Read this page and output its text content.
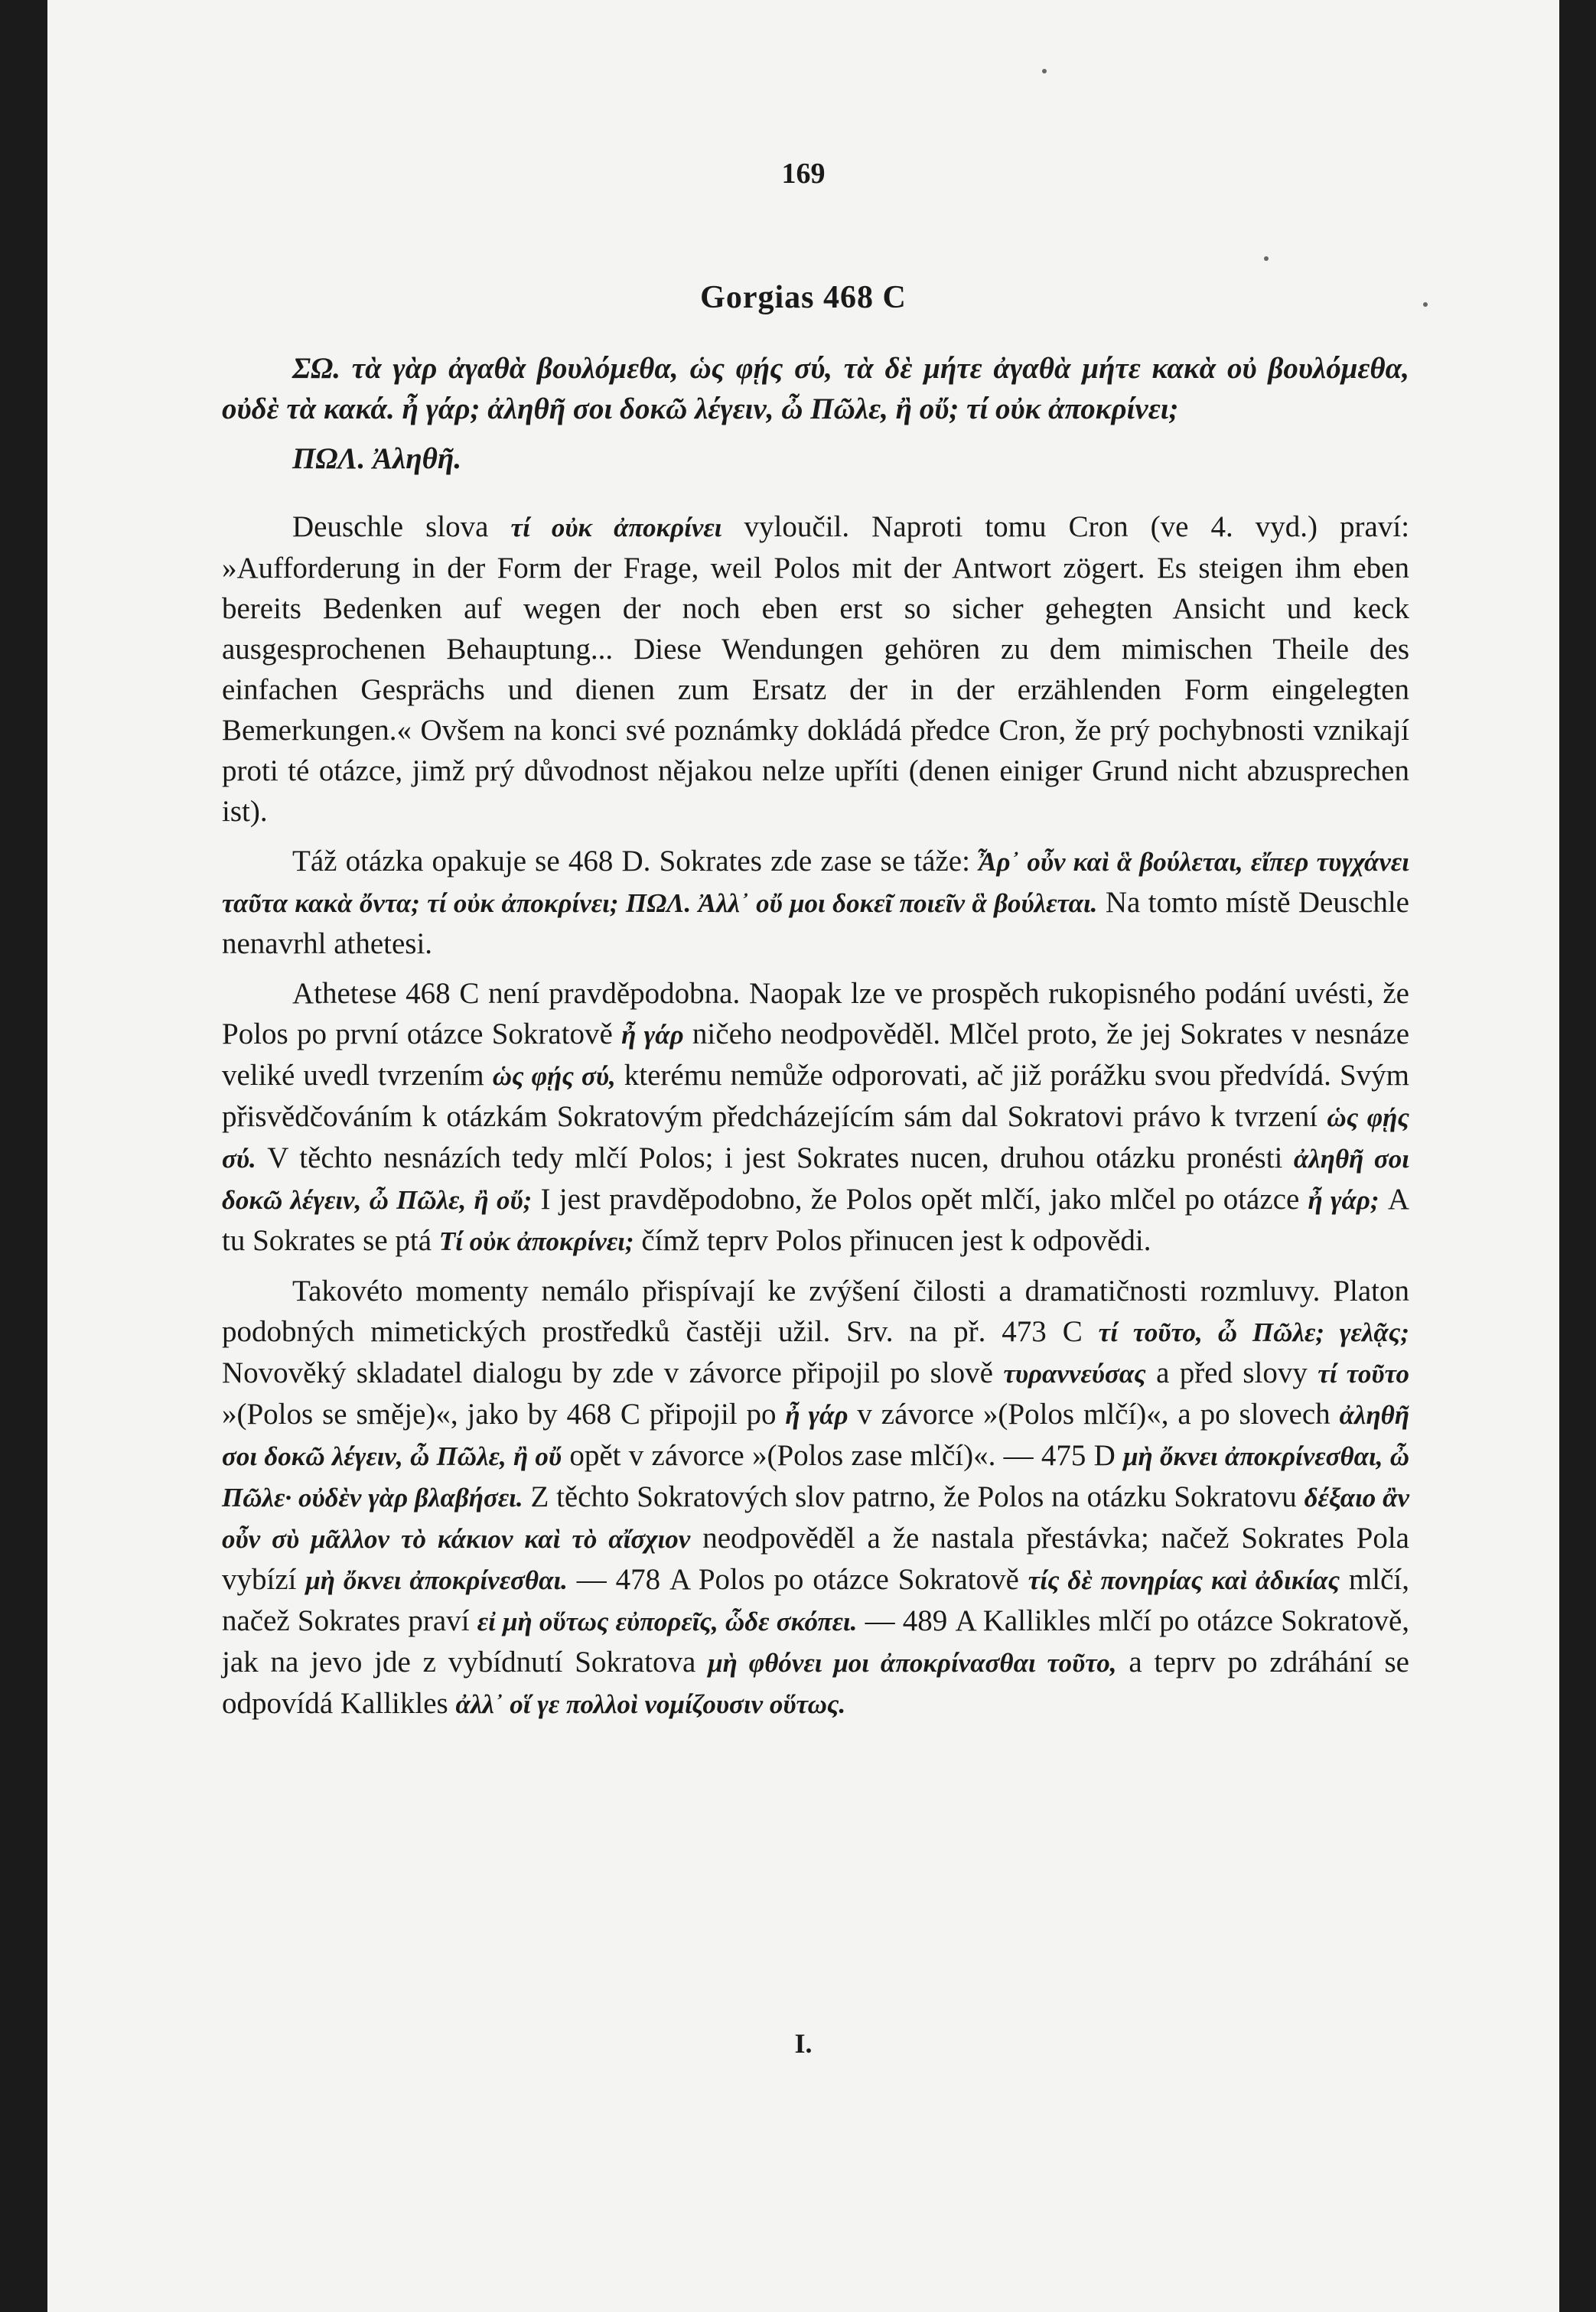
169
Gorgias 468 C

ΣΩ. τὰ γὰρ ἀγαθὰ βουλόμεθα, ὡς φῄς σύ, τὰ δὲ μήτε ἀγαθὰ μήτε κακὰ οὐ βουλόμεθα, οὐδὲ τὰ κακά. ἦ γάρ; ἀληθῆ σοι δοκῶ λέγειν, ὦ Πῶλε, ἢ οὔ; τί οὐκ ἀποκρίνει;

ΠΩΛ. Ἀληθῆ.

Deuschle slova τί οὐκ ἀποκρίνει vyloučil. Naproti tomu Cron (ve 4. vyd.) praví: »Aufforderung in der Form der Frage, weil Polos mit der Antwort zögert. Es steigen ihm eben bereits Bedenken auf wegen der noch eben erst so sicher gehegten Ansicht und keck ausgesprochenen Behauptung... Diese Wendungen gehören zu dem mimischen Theile des einfachen Gesprächs und dienen zum Ersatz der in der erzählenden Form eingelegten Bemerkungen.« Ovšem na konci své poznámky dokládá předce Cron, že prý pochybnosti vznikají proti té otázce, jimž prý důvodnost nějakou nelze upříti (denen einiger Grund nicht abzusprechen ist).

Táž otázka opakuje se 468 D. Sokrates zde zase se táže: Ἆρ᾽ οὖν καὶ ἃ βούλεται, εἴπερ τυγχάνει ταῦτα κακὰ ὄντα; τί οὐκ ἀποκρίνει; ΠΩΛ. Ἀλλ᾽ οὔ μοι δοκεῖ ποιεῖν ἃ βούλεται. Na tomto místě Deuschle nenavrhl athetesi.

Athetese 468 C není pravděpodobna. Naopak lze ve prospěch rukopisného podání uvésti, že Polos po první otázce Sokratově ἦ γάρ ničeho neodpověděl. Mlčel proto, že jej Sokrates v nesnáze veliké uvedl tvrzením ὡς φῄς σύ, kterému nemůže odporovati, ač již porážku svou předvídá. Svým přisvědčováním k otázkám Sokratovým předcházejícím sám dal Sokratovi právo k tvrzení ὡς φῄς σύ. V těchto nesnázích tedy mlčí Polos; i jest Sokrates nucen, druhou otázku pronésti ἀληθῆ σοι δοκῶ λέγειν, ὦ Πῶλε, ἢ οὔ; I jest pravděpodobno, že Polos opět mlčí, jako mlčel po otázce ἦ γάρ; A tu Sokrates se ptá Τί οὐκ ἀποκρίνει; čímž teprv Polos přinucen jest k odpovědi.

Takovéto momenty nemálo přispívají ke zvýšení čilosti a dramatičnosti rozmluvy. Platon podobných mimetických prostředků častěji užil. Srv. na př. 473 C τί τοῦτο, ὦ Πῶλε; γελᾷς; Novověký skladatel dialogu by zde v závorce připojil po slově τυραννεύσας a před slovy τί τοῦτο »(Polos se směje)«, jako by 468 C připojil po ἦ γάρ v závorce »(Polos mlčí)«, a po slovech ἀληθῆ σοι δοκῶ λέγειν, ὦ Πῶλε, ἢ οὔ opět v závorce »(Polos zase mlčí)«. — 475 D μὴ ὄκνει ἀποκρίνεσθαι, ὦ Πῶλε· οὐδὲν γὰρ βλαβήσει. Z těchto Sokratových slov patrno, že Polos na otázku Sokratovu δέξαιο ἂν οὖν σὺ μᾶλλον τὸ κάκιον καὶ τὸ αἴσχιον neodpověděl a že nastala přestávka; načež Sokrates Pola vybízí μὴ ὄκνει ἀποκρίνεσθαι. — 478 A Polos po otázce Sokratově τίς δὲ πονηρίας καὶ ἀδικίας mlčí, načež Sokrates praví εἰ μὴ οὕτως εὐπορεῖς, ὧδε σκόπει. — 489 A Kallikles mlčí po otázce Sokratově, jak na jevo jde z vybídnutí Sokratova μὴ φθόνει μοι ἀποκρίνασθαι τοῦτο, a teprv po zdráhání se odpovídá Kallikles ἀλλ᾽ οἵ γε πολλοὶ νομίζουσιν οὕτως.

I.
